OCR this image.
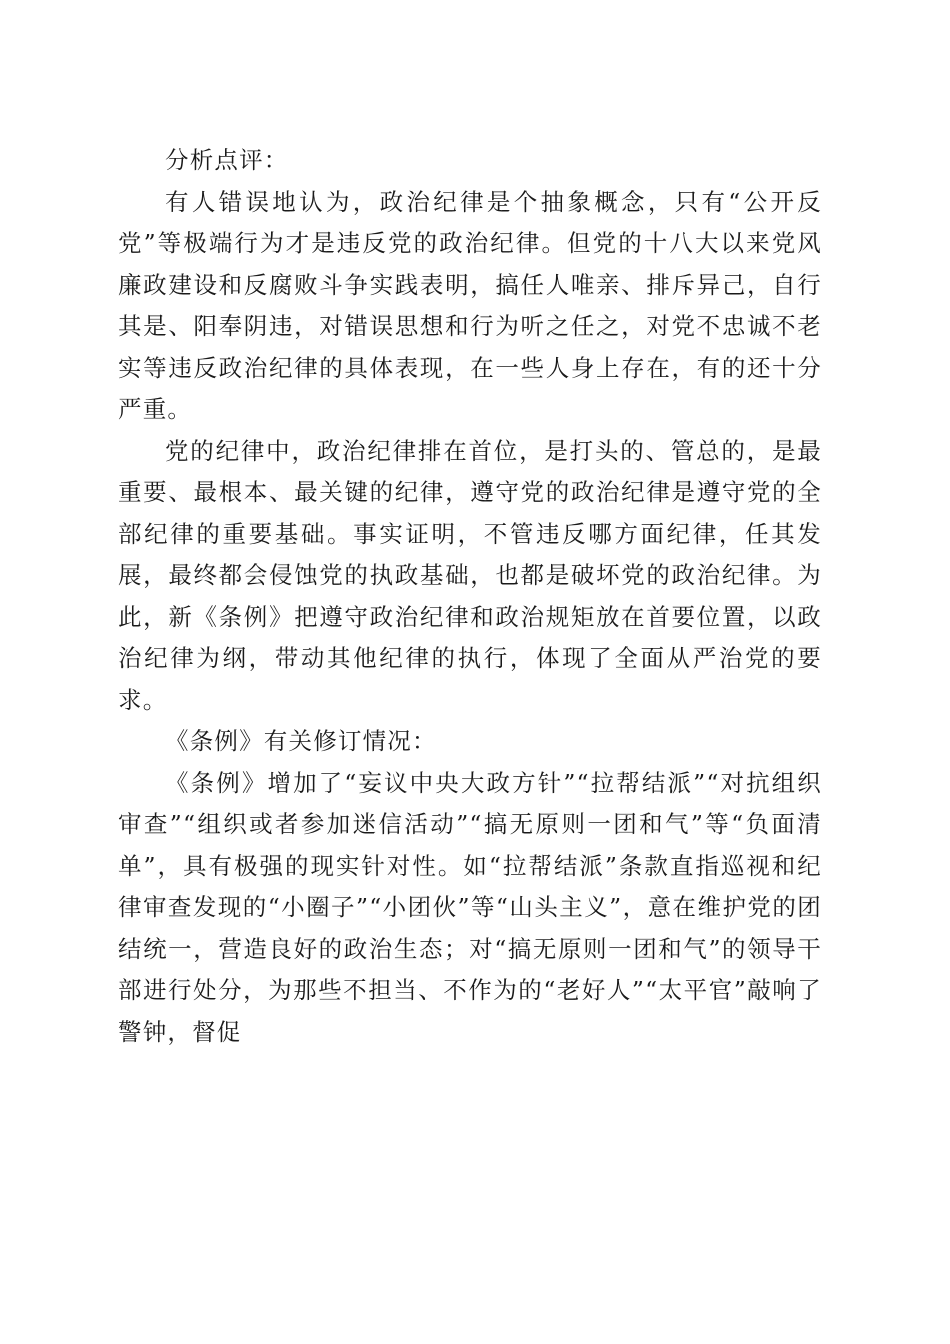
分析点评：

有人错误地认为，政治纪律是个抽象概念，只有“公开反党”等极端行为才是违反党的政治纪律。但党的十八大以来党风廉政建设和反腐败斗争实践表明，搞任人唯亲、排斥异己，自行其是、阳奉阴违，对错误思想和行为听之任之，对党不忠诚不老实等违反政治纪律的具体表现，在一些人身上存在，有的还十分严重。

党的纪律中，政治纪律排在首位，是打头的、管总的，是最重要、最根本、最关键的纪律，遵守党的政治纪律是遵守党的全部纪律的重要基础。事实证明，不管违反哪方面纪律，任其发展，最终都会侵蚀党的执政基础，也都是破坏党的政治纪律。为此，新《条例》把遵守政治纪律和政治规矩放在首要位置，以政治纪律为纲，带动其他纪律的执行，体现了全面从严治党的要求。

《条例》有关修订情况：

《条例》增加了“妄议中央大政方针”“拉帮结派”“对抗组织审查”“组织或者参加迷信活动”“搞无原则一团和气”等“负面清单”，具有极强的现实针对性。如“拉帮结派”条款直指巡视和纪律审查发现的“小圈子”“小团伙”等“山头主义”，意在维护党的团结统一，营造良好的政治生态；对“搞无原则一团和气”的领导干部进行处分，为那些不担当、不作为的“老好人”“太平官”敲响了警钟，督促
